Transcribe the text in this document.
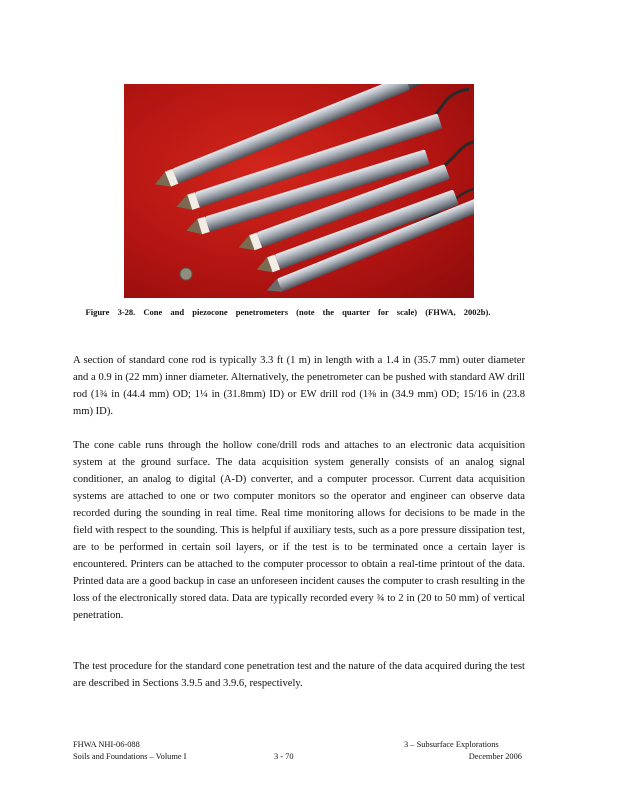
Figure 3-28. Cone and piezocone penetrometers (note the quarter for scale) (FHWA, 2002b).

A section of standard cone rod is typically 3.3 ft (1 m) in length with a 1.4 in (35.7 mm) outer diameter and a 0.9 in (22 mm) inner diameter. Alternatively, the penetrometer can be pushed with standard AW drill rod (1¾ in (44.4 mm) OD; 1¼ in (31.8mm) ID) or EW drill rod (1⅜ in (34.9 mm) OD; 15/16 in (23.8 mm) ID).

The cone cable runs through the hollow cone/drill rods and attaches to an electronic data acquisition system at the ground surface. The data acquisition system generally consists of an analog signal conditioner, an analog to digital (A-D) converter, and a computer processor. Current data acquisition systems are attached to one or two computer monitors so the operator and engineer can observe data recorded during the sounding in real time. Real time monitoring allows for decisions to be made in the field with respect to the sounding. This is helpful if auxiliary tests, such as a pore pressure dissipation test, are to be performed in certain soil layers, or if the test is to be terminated once a certain layer is encountered. Printers can be attached to the computer processor to obtain a real-time printout of the data. Printed data are a good backup in case an unforeseen incident causes the computer to crash resulting in the loss of the electronically stored data. Data are typically recorded every ¾ to 2 in (20 to 50 mm) of vertical penetration.

The test procedure for the standard cone penetration test and the nature of the data acquired during the test are described in Sections 3.9.5 and 3.9.6, respectively.

FHWA NHI-06-088
Soils and Foundations – Volume I	3 - 70
3 – Subsurface Explorations
December 2006
